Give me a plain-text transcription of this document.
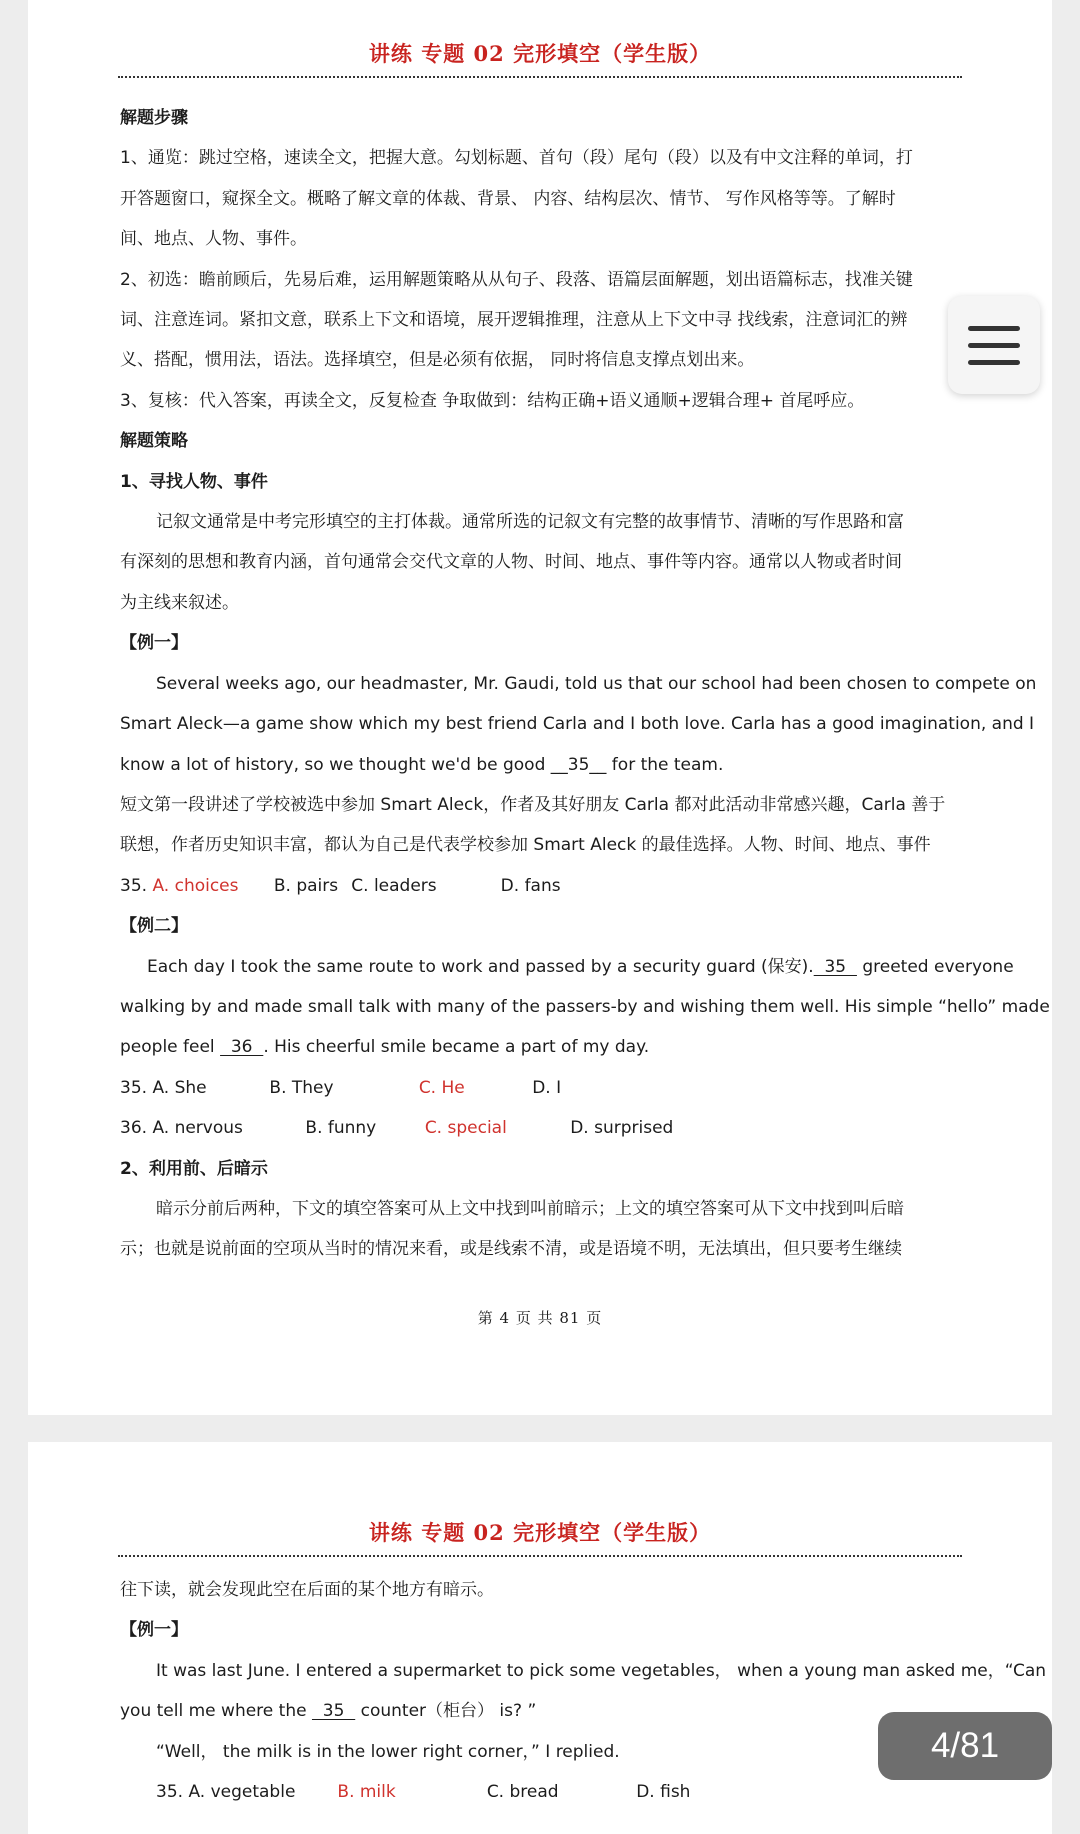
讲练 专题 02 完形填空（学生版）
解题步骤
1、通览：跳过空格，速读全文，把握大意。勾划标题、首句（段）尾句（段）以及有中文注释的单词，打
开答题窗口，窥探全文。概略了解文章的体裁、背景、 内容、结构层次、情节、 写作风格等等。了解时
间、地点、人物、事件。
2、初选：瞻前顾后，先易后难，运用解题策略从从句子、段落、语篇层面解题，划出语篇标志，找准关键
词、注意连词。紧扣文意，联系上下文和语境，展开逻辑推理，注意从上下文中寻 找线索，注意词汇的辨
义、搭配，惯用法，语法。选择填空，但是必须有依据， 同时将信息支撑点划出来。
3、复核：代入答案，再读全文，反复检查 争取做到：结构正确+语义通顺+逻辑合理+ 首尾呼应。
解题策略
1、寻找人物、事件
记叙文通常是中考完形填空的主打体裁。通常所选的记叙文有完整的故事情节、清晰的写作思路和富
有深刻的思想和教育内涵，首句通常会交代文章的人物、时间、地点、事件等内容。通常以人物或者时间
为主线来叙述。
【例一】
Several weeks ago, our headmaster, Mr. Gaudi, told us that our school had been chosen to compete on
Smart Aleck—a game show which my best friend Carla and I both love. Carla has a good imagination, and I
know a lot of history, so we thought we'd be good __35__ for the team.
短文第一段讲述了学校被选中参加 Smart Aleck，作者及其好朋友 Carla 都对此活动非常感兴趣，Carla 善于
联想，作者历史知识丰富，都认为自己是代表学校参加 Smart Aleck 的最佳选择。人物、时间、地点、事件
35. A. choices B. pairs C. leaders	D. fans
【例二】
Each day I took the same route to work and passed by a security guard (保安).  35   greeted everyone
walking by and made small talk with many of the passers-by and wishing them well. His simple “hello” made
people feel   36  . His cheerful smile became a part of my day.
35. A. She	B. They	C. He	D. I
36. A. nervous	B. funny	C. special	D. surprised
2、利用前、后暗示
暗示分前后两种，下文的填空答案可从上文中找到叫前暗示；上文的填空答案可从下文中找到叫后暗
示；也就是说前面的空项从当时的情况来看，或是线索不清，或是语境不明，无法填出，但只要考生继续
第 4 页 共 81 页
讲练 专题 02 完形填空（学生版）
往下读，就会发现此空在后面的某个地方有暗示。
【例一】
It was last June. I entered a supermarket to pick some vegetables， when a young man asked me，“Can
you tell me where the   35   counter（柜台） is? ”
“Well， the milk is in the lower right corner，” I replied.
35. A. vegetable B. milk	C. bread	D. fish
4/81
